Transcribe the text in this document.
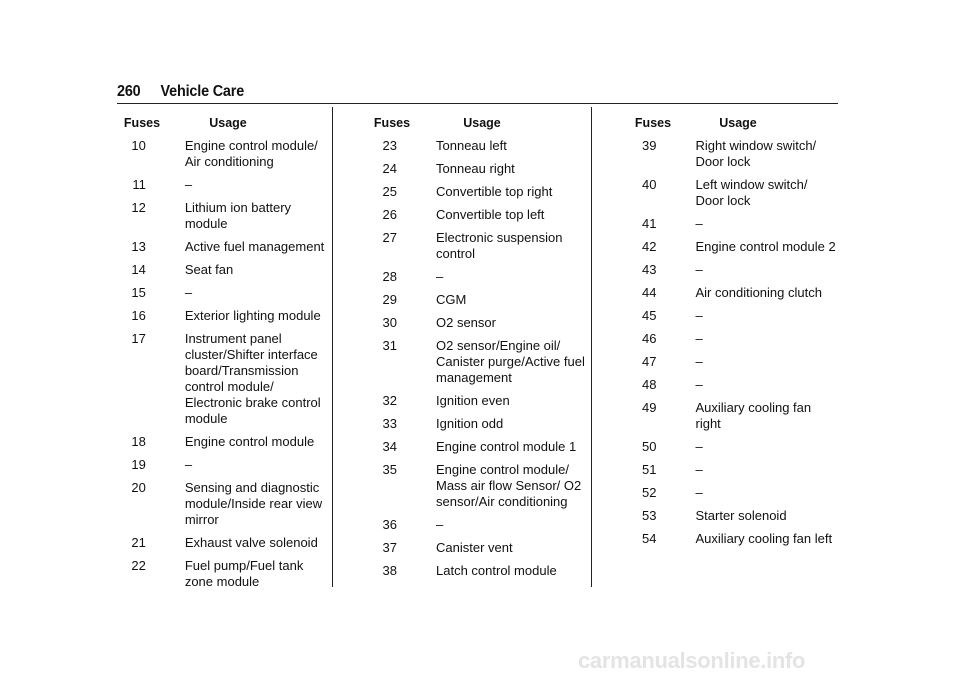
260 Vehicle Care
Fuses	Usage
10	Engine control module/ Air conditioning
11	–
12	Lithium ion battery module
13	Active fuel management
14	Seat fan
15	–
16	Exterior lighting module
17	Instrument panel cluster/Shifter interface board/Transmission control module/ Electronic brake control module
18	Engine control module
19	–
20	Sensing and diagnostic module/Inside rear view mirror
21	Exhaust valve solenoid
22	Fuel pump/Fuel tank zone module
Fuses	Usage
23	Tonneau left
24	Tonneau right
25	Convertible top right
26	Convertible top left
27	Electronic suspension control
28	–
29	CGM
30	O2 sensor
31	O2 sensor/Engine oil/ Canister purge/Active fuel management
32	Ignition even
33	Ignition odd
34	Engine control module 1
35	Engine control module/ Mass air flow Sensor/ O2 sensor/Air conditioning
36	–
37	Canister vent
38	Latch control module
Fuses	Usage
39	Right window switch/ Door lock
40	Left window switch/ Door lock
41	–
42	Engine control module 2
43	–
44	Air conditioning clutch
45	–
46	–
47	–
48	–
49	Auxiliary cooling fan right
50	–
51	–
52	–
53	Starter solenoid
54	Auxiliary cooling fan left
carmanualsonline.info
